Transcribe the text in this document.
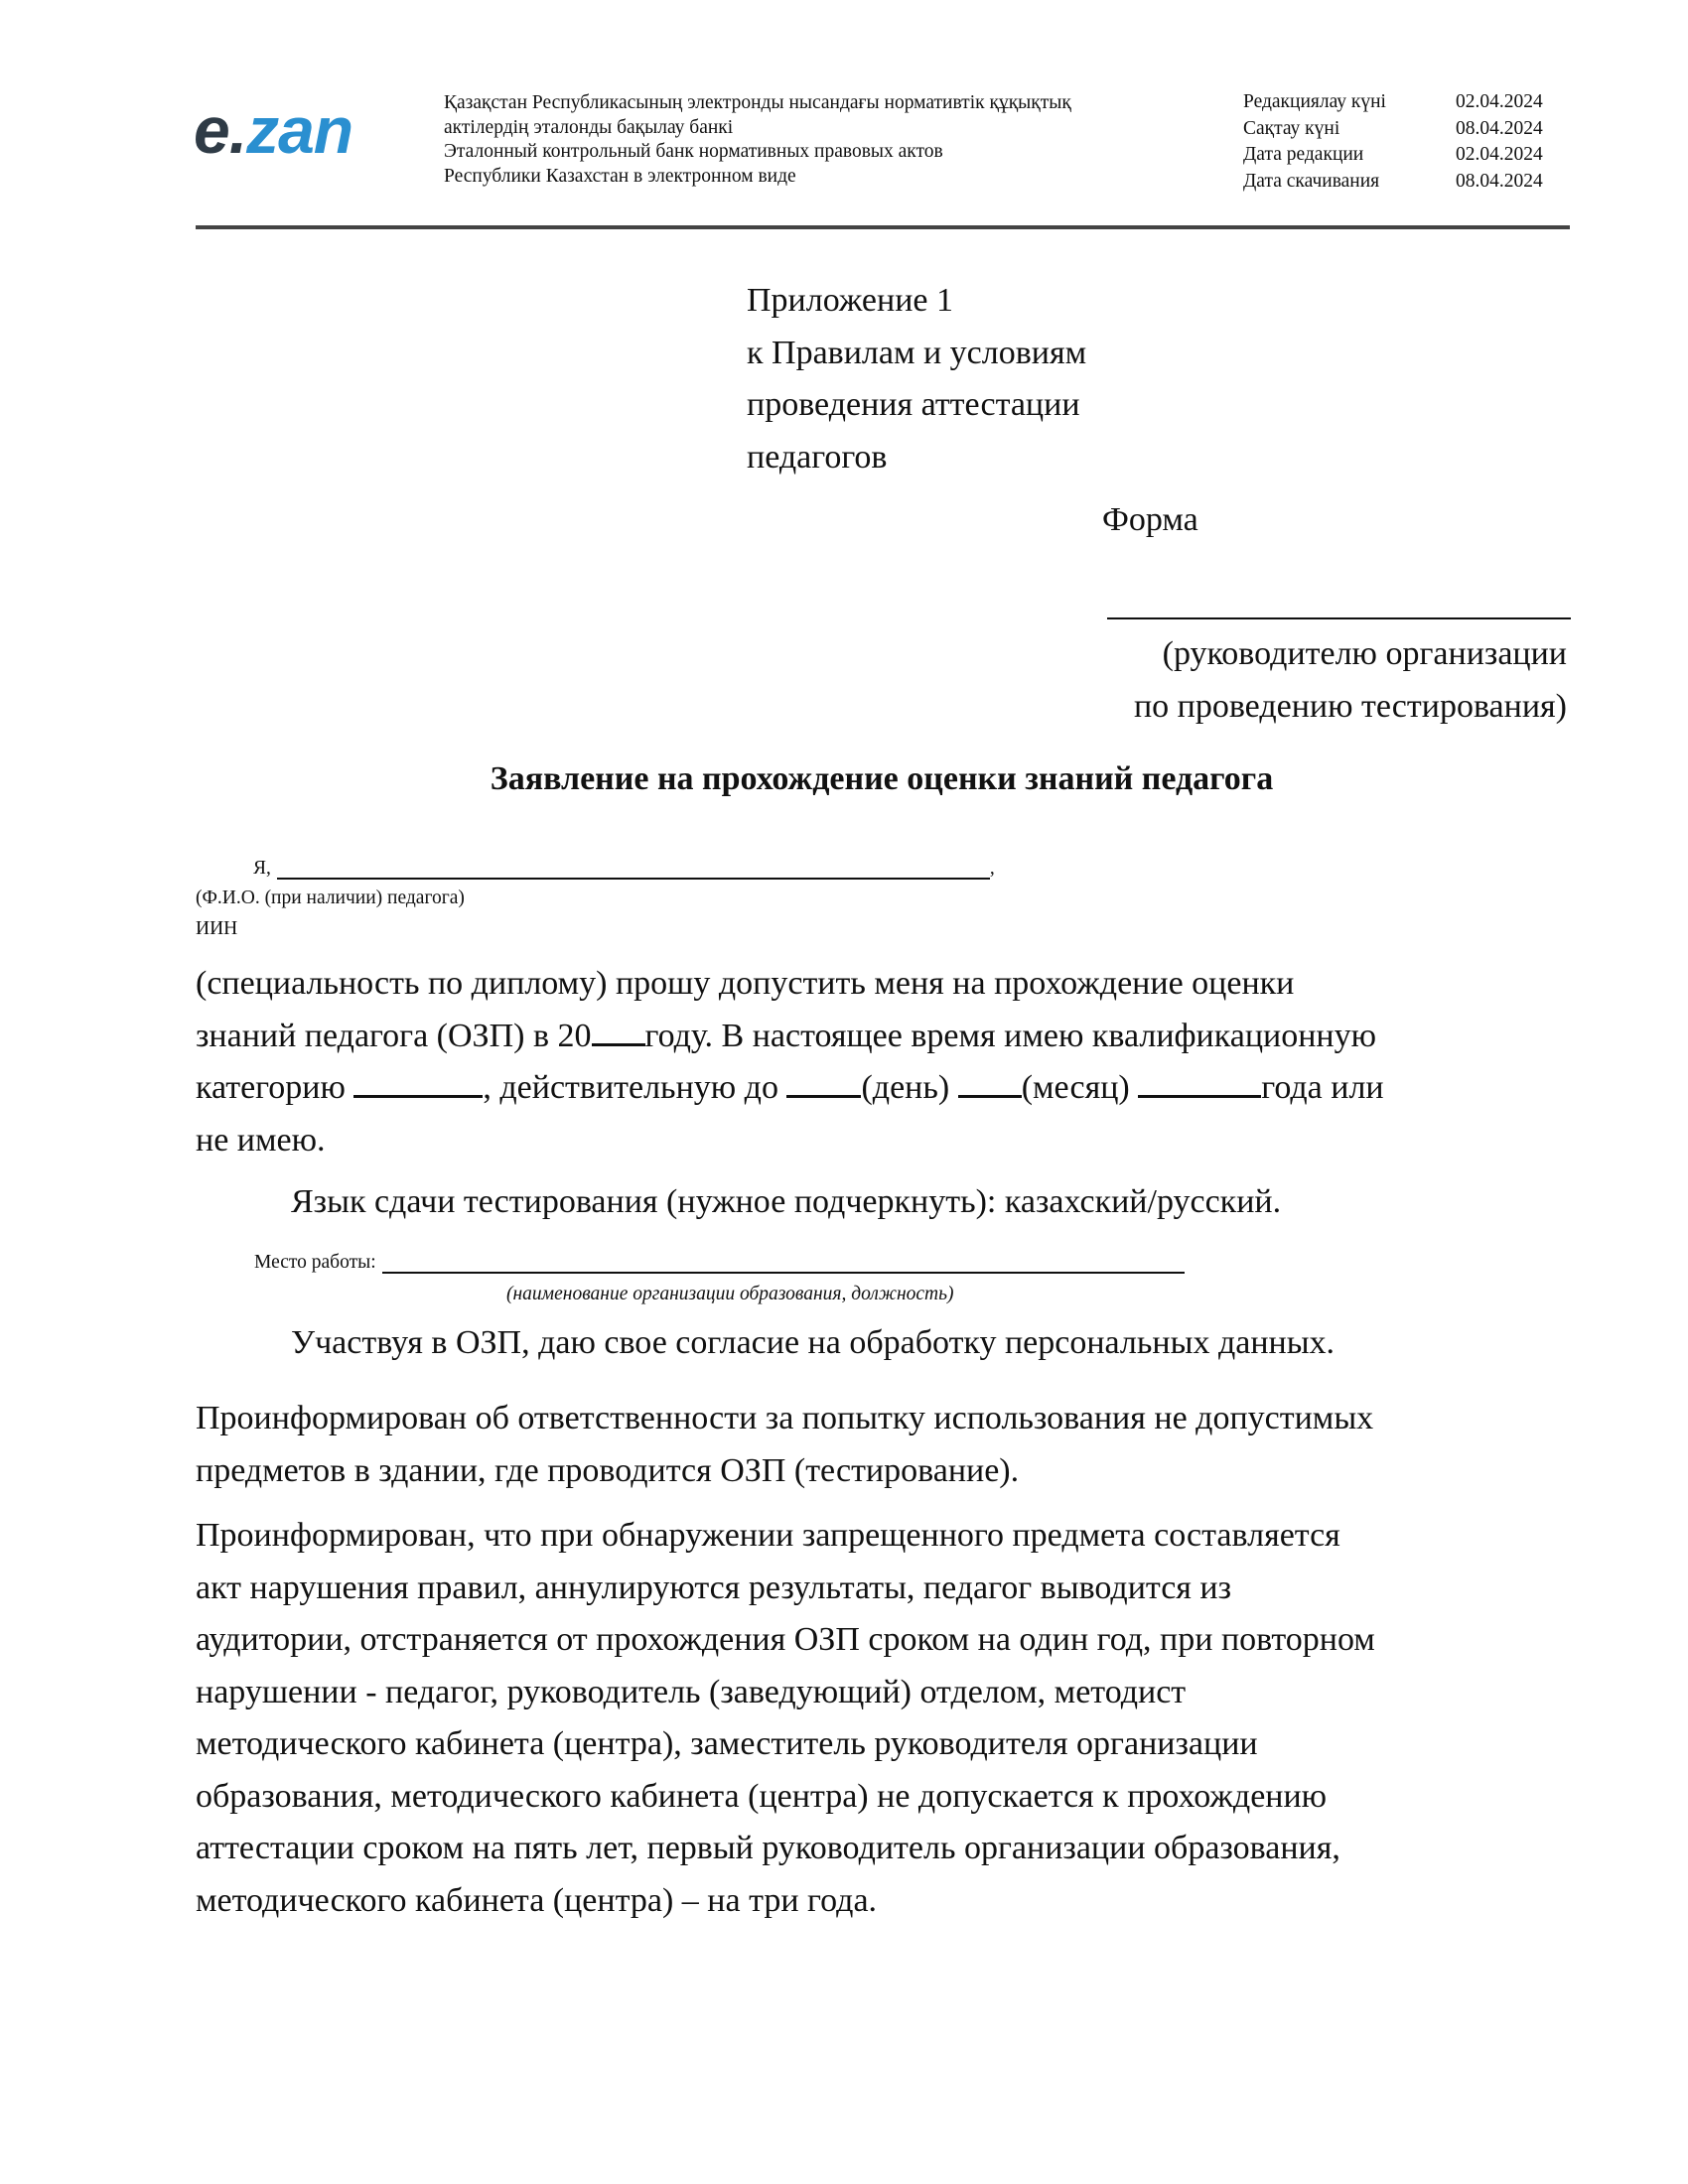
e.zan	Қазақстан Республикасының электронды нысандағы нормативтік құқықтық
актілердің эталонды бақылау банкі
Эталонный контрольный банк нормативных правовых актов
Республики Казахстан в электронном виде
Редакциялау күні	02.04.2024
Сақтау күні	08.04.2024
Дата редакции	02.04.2024
Дата скачивания	08.04.2024
Приложение 1
к Правилам и условиям
проведения аттестации
педагогов
Форма
(руководителю организации
по проведению тестирования)
Заявление на прохождение оценки знаний педагога
Я,	,
(Ф.И.О. (при наличии) педагога)
ИИН
(специальность по диплому) прошу допустить меня на прохождение оценки
знаний педагога (ОЗП) в 20 году. В настоящее время имею квалификационную
категорию	, действительную до (день) (месяц)	года или
не имею.
Язык сдачи тестирования (нужное подчеркнуть): казахский/русский.
Место работы:
(наименование организации образования, должность)
Участвуя в ОЗП, даю свое согласие на обработку персональных данных.
Проинформирован об ответственности за попытку использования не допустимых
предметов в здании, где проводится ОЗП (тестирование).
Проинформирован, что при обнаружении запрещенного предмета составляется
акт нарушения правил, аннулируются результаты, педагог выводится из
аудитории, отстраняется от прохождения ОЗП сроком на один год, при повторном
нарушении - педагог, руководитель (заведующий) отделом, методист
методического кабинета (центра), заместитель руководителя организации
образования, методического кабинета (центра) не допускается к прохождению
аттестации сроком на пять лет, первый руководитель организации образования,
методического кабинета (центра) – на три года.
